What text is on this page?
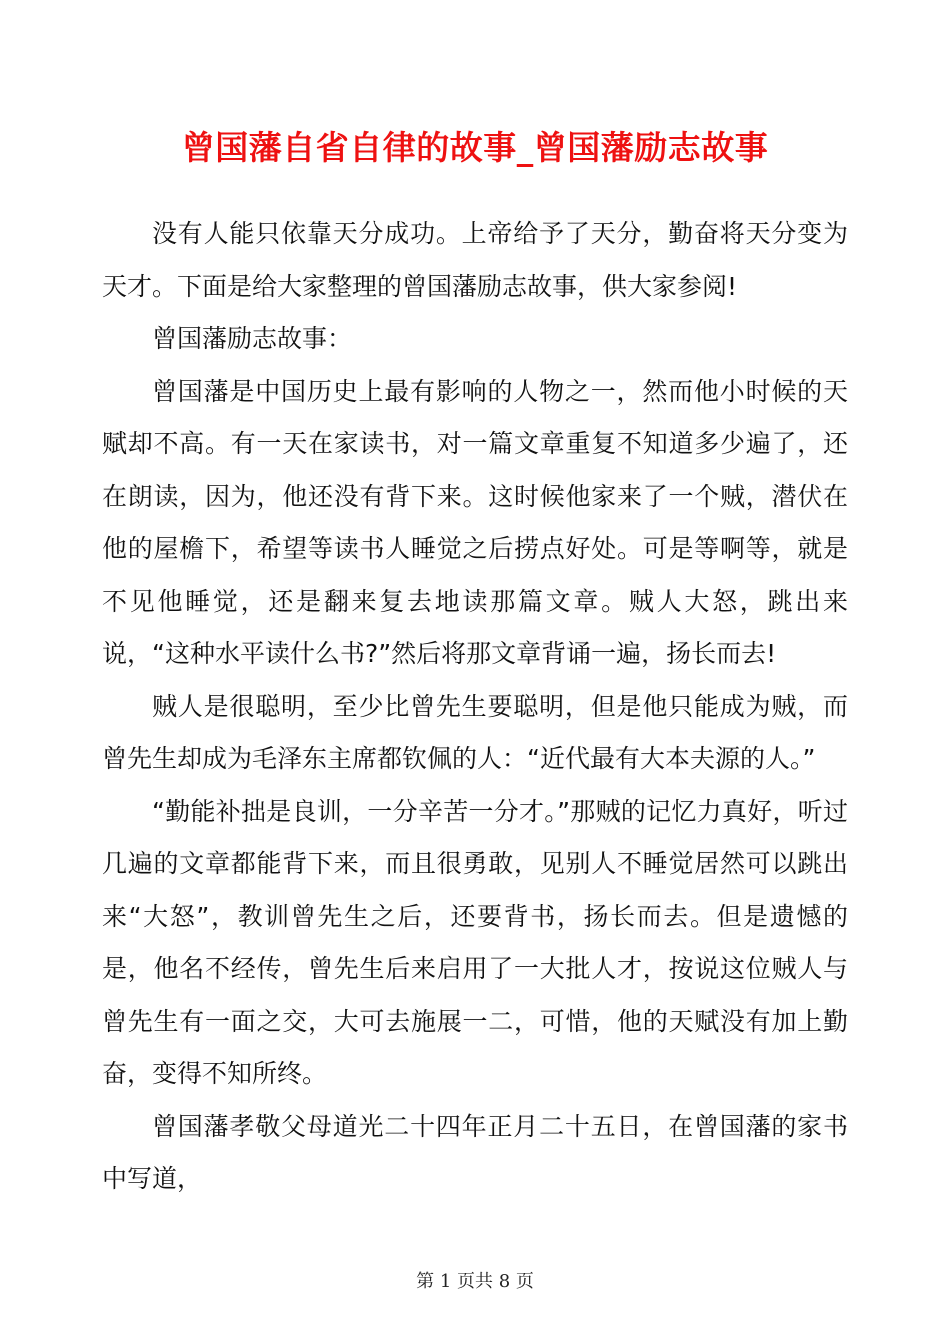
曾国藩自省自律的故事_曾国藩励志故事

没有人能只依靠天分成功。上帝给予了天分，勤奋将天分变为天才。下面是给大家整理的曾国藩励志故事，供大家参阅!

曾国藩励志故事：

曾国藩是中国历史上最有影响的人物之一，然而他小时候的天赋却不高。有一天在家读书，对一篇文章重复不知道多少遍了，还在朗读，因为，他还没有背下来。这时候他家来了一个贼，潜伏在他的屋檐下，希望等读书人睡觉之后捞点好处。可是等啊等，就是不见他睡觉，还是翻来复去地读那篇文章。贼人大怒，跳出来说，“这种水平读什么书?”然后将那文章背诵一遍，扬长而去!

贼人是很聪明，至少比曾先生要聪明，但是他只能成为贼，而曾先生却成为毛泽东主席都钦佩的人：“近代最有大本夫源的人。”

“勤能补拙是良训，一分辛苦一分才。”那贼的记忆力真好，听过几遍的文章都能背下来，而且很勇敢，见别人不睡觉居然可以跳出来“大怒”，教训曾先生之后，还要背书，扬长而去。但是遗憾的是，他名不经传，曾先生后来启用了一大批人才，按说这位贼人与曾先生有一面之交，大可去施展一二，可惜，他的天赋没有加上勤奋，变得不知所终。

曾国藩孝敬父母道光二十四年正月二十五日，在曾国藩的家书中写道，

第 1 页共 8 页
